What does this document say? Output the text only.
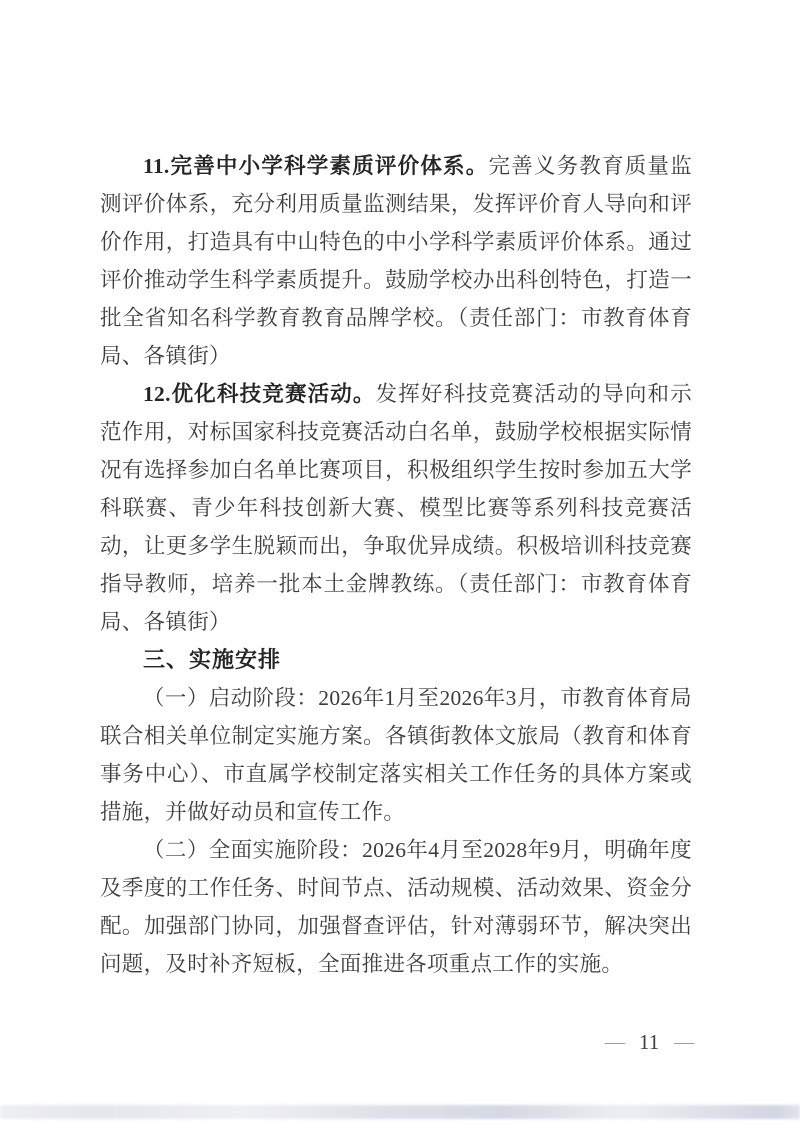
11.完善中小学科学素质评价体系。完善义务教育质量监测评价体系，充分利用质量监测结果，发挥评价育人导向和评价作用，打造具有中山特色的中小学科学素质评价体系。通过评价推动学生科学素质提升。鼓励学校办出科创特色，打造一批全省知名科学教育教育品牌学校。（责任部门：市教育体育局、各镇街）

12.优化科技竞赛活动。发挥好科技竞赛活动的导向和示范作用，对标国家科技竞赛活动白名单，鼓励学校根据实际情况有选择参加白名单比赛项目，积极组织学生按时参加五大学科联赛、青少年科技创新大赛、模型比赛等系列科技竞赛活动，让更多学生脱颖而出，争取优异成绩。积极培训科技竞赛指导教师，培养一批本土金牌教练。（责任部门：市教育体育局、各镇街）

三、实施安排

（一）启动阶段：2026年1月至2026年3月，市教育体育局联合相关单位制定实施方案。各镇街教体文旅局（教育和体育事务中心）、市直属学校制定落实相关工作任务的具体方案或措施，并做好动员和宣传工作。

（二）全面实施阶段：2026年4月至2028年9月，明确年度及季度的工作任务、时间节点、活动规模、活动效果、资金分配。加强部门协同，加强督查评估，针对薄弱环节，解决突出问题，及时补齐短板，全面推进各项重点工作的实施。

— 11 —
